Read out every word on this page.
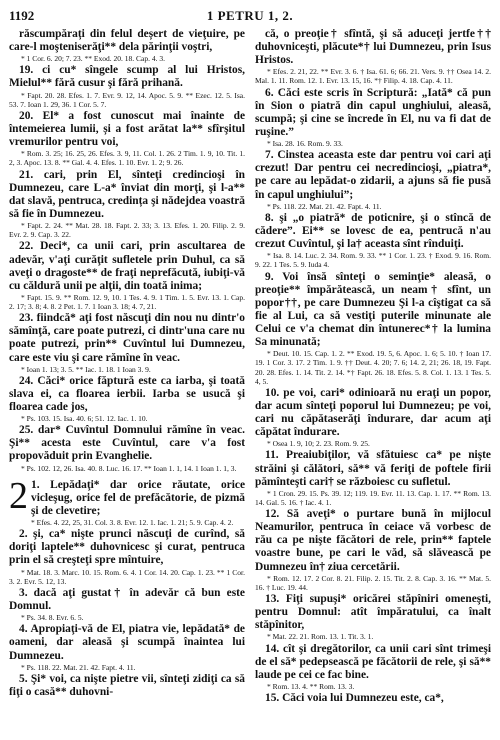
1192	1 PETRU 1, 2.

răscumpărați din felul deșert de vieţuire, pe care-l moşteniserăţi** dela părinţii voştri,

* 1 Cor. 6. 20; 7. 23. ** Exod. 20. 18. Cap. 4. 3.

19. ci cu* sîngele scump al lui Hristos, Mielul** fără cusur şi fără prihană.

* Fapt. 20. 28. Efes. 1. 7. Evr. 9. 12, 14. Apoc. 5. 9. ** Ezec. 12. 5. Isa. 53. 7. Ioan 1. 29, 36. 1 Cor. 5. 7.

20. El* a fost cunoscut mai înainte de întemeierea lumii, și a fost arătat la** sfîrşitul vremurilor pentru voi,

* Rom. 3. 25; 16. 25, 26. Efes. 3. 9, 11. Col. 1. 26. 2 Tim. 1. 9, 10. Tit. 1. 2, 3. Apoc. 13. 8. ** Gal. 4. 4. Efes. 1. 10. Evr. 1. 2; 9. 26.

21. cari, prin El, sînteţi credincioşi în Dumnezeu, care L-a* înviat din morţi, şi l-a** dat slavă, pentruca, credința şi nădejdea voastră să fie în Dumnezeu.

* Fapt. 2. 24. ** Mat. 28. 18. Fapt. 2. 33; 3. 13. Efes. 1. 20. Filip. 2. 9. Evr. 2. 9. Cap. 3. 22.

22. Deci*, ca unii cari, prin ascultarea de adevăr, v'aţi curăţit sufletele prin Duhul, ca să aveţi o dragoste** de fraţi neprefăcută, iubiţi-vă cu căldură unii pe alţii, din toată inima;

* Fapt. 15. 9. ** Rom. 12. 9, 10. 1 Tes. 4. 9. 1 Tim. 1. 5. Evr. 13. 1. Cap. 2. 17; 3. 8; 4. 8. 2 Pet. 1. 7. 1 Ioan 3. 18; 4. 7, 21.

23. fiindcă* aţi fost născuţi din nou nu dintr'o sămînţă, care poate putrezi, ci dintr'una care nu poate putrezi, prin** Cuvîntul lui Dumnezeu, care este viu şi care rămîne în veac.

* Ioan 1. 13; 3. 5. ** Iac. 1. 18. 1 Ioan 3. 9.

24. Căci* orice făptură este ca iarba, şi toată slava ei, ca floarea ierbii. Iarba se usucă şi floarea cade jos,

* Ps. 103. 15. Isa. 40. 6; 51. 12. Iac. 1. 10.

25. dar* Cuvîntul Domnului rămîne în veac. Şi** acesta este Cuvîntul, care v'a fost propovăduit prin Evanghelie.

* Ps. 102. 12, 26. Isa. 40. 8. Luc. 16. 17. ** Ioan 1. 1, 14. 1 Ioan 1. 1, 3.

2 1. Lepădaţi* dar orice răutate, orice vicleşug, orice fel de prefăcătorie, de pizmă şi de clevetire;

* Efes. 4. 22, 25, 31. Col. 3. 8. Evr. 12. 1. Iac. 1. 21; 5. 9. Cap. 4. 2.

2. şi, ca* nişte prunci născuţi de curînd, să doriţi laptele** duhovnicesc şi curat, pentruca prin el să creşteţi spre mîntuire,

* Mat. 18. 3. Marc. 10. 15. Rom. 6. 4. 1 Cor. 14. 20. Cap. 1. 23. ** 1 Cor. 3. 2. Evr. 5. 12, 13.

3. dacă aţi gustat† în adevăr că bun este Domnul.

* Ps. 34. 8. Evr. 6. 5.

4. Apropiaţi-vă de El, piatra vie, lepădată* de oameni, dar aleasă şi scumpă înaintea lui Dumnezeu.

* Ps. 118. 22. Mat. 21. 42. Fapt. 4. 11.

5. Şi* voi, ca nişte pietre vii, sînteţi zidiţi ca să fiţi o casă** duhovni-

că, o preoţie† sfîntă, şi să aduceţi jertfe†† duhovniceşti, plăcute*† lui Dumnezeu, prin Isus Hristos.

* Efes. 2. 21, 22. ** Evr. 3. 6. † Isa. 61. 6; 66. 21. Vers. 9. †† Osea 14. 2. Mal. 1. 11. Rom. 12. 1. Evr. 13. 15, 16. *† Filip. 4. 18. Cap. 4. 11.

6. Căci este scris în Scriptură: „Iată* că pun în Sion o piatră din capul unghiului, aleasă, scumpă; şi cine se încrede în El, nu va fi dat de ruşine.”

* Isa. 28. 16. Rom. 9. 33.

7. Cinstea aceasta este dar pentru voi cari aţi crezut! Dar pentru cei necredincioşi, „piatra*, pe care au lepădat-o zidarii, a ajuns să fie pusă în capul unghiului”;

* Ps. 118. 22. Mat. 21. 42. Fapt. 4. 11.

8. şi „o piatră* de poticnire, şi o stîncă de cădere”. Ei** se lovesc de ea, pentrucă n'au crezut Cuvîntul, şi la† aceasta sînt rînduiţi.

* Isa. 8. 14. Luc. 2. 34. Rom. 9. 33. ** 1 Cor. 1. 23. † Exod. 9. 16. Rom. 9. 22. 1 Tes. 5. 9. Iuda 4.

9. Voi însă sînteţi o seminţie* aleasă, o preoţie** împărătească, un neam† sfînt, un popor††, pe care Dumnezeu Şi l-a cîştigat ca să fie al Lui, ca să vestiţi puterile minunate ale Celui ce v'a chemat din întunerec*† la lumina Sa minunată;

* Deut. 10. 15. Cap. 1. 2. ** Exod. 19. 5, 6. Apoc. 1. 6; 5. 10. † Ioan 17. 19. 1 Cor. 3. 17. 2 Tim. 1. 9. †† Deut. 4. 20; 7. 6; 14. 2, 21; 26. 18, 19. Fapt. 20. 28. Efes. 1. 14. Tit. 2. 14. *† Fapt. 26. 18. Efes. 5. 8. Col. 1. 13. 1 Tes. 5. 4, 5.

10. pe voi, cari* odinioară nu eraţi un popor, dar acum sînteţi poporul lui Dumnezeu; pe voi, cari nu căpătaserăţi îndurare, dar acum aţi căpătat îndurare.

* Osea 1. 9, 10; 2. 23. Rom. 9. 25.

11. Preaiubiţilor, vă sfătuiesc ca* pe nişte străini şi călători, să** vă feriţi de poftele firii pămînteşti cari† se războiesc cu sufletul.

* 1 Cron. 29. 15. Ps. 39. 12; 119. 19. Evr. 11. 13. Cap. 1. 17. ** Rom. 13. 14. Gal. 5. 16. † Iac. 4. 1.

12. Să aveţi* o purtare bună în mijlocul Neamurilor, pentruca în ceiace vă vorbesc de rău ca pe nişte făcători de rele, prin** faptele voastre bune, pe cari le văd, să slăvească pe Dumnezeu în† ziua cercetării.

* Rom. 12. 17. 2 Cor. 8. 21. Filip. 2. 15. Tit. 2. 8. Cap. 3. 16. ** Mat. 5. 16. † Luc. 19. 44.

13. Fiţi supuşi* oricărei stăpîniri omeneşti, pentru Domnul: atît împăratului, ca înalt stăpînitor,

* Mat. 22. 21. Rom. 13. 1. Tit. 3. 1.

14. cît şi dregătorilor, ca unii cari sînt trimeşi de el să* pedepsească pe făcătorii de rele, şi să** laude pe cei ce fac bine.

* Rom. 13. 4. ** Rom. 13. 3.

15. Căci voia lui Dumnezeu este, ca*,
